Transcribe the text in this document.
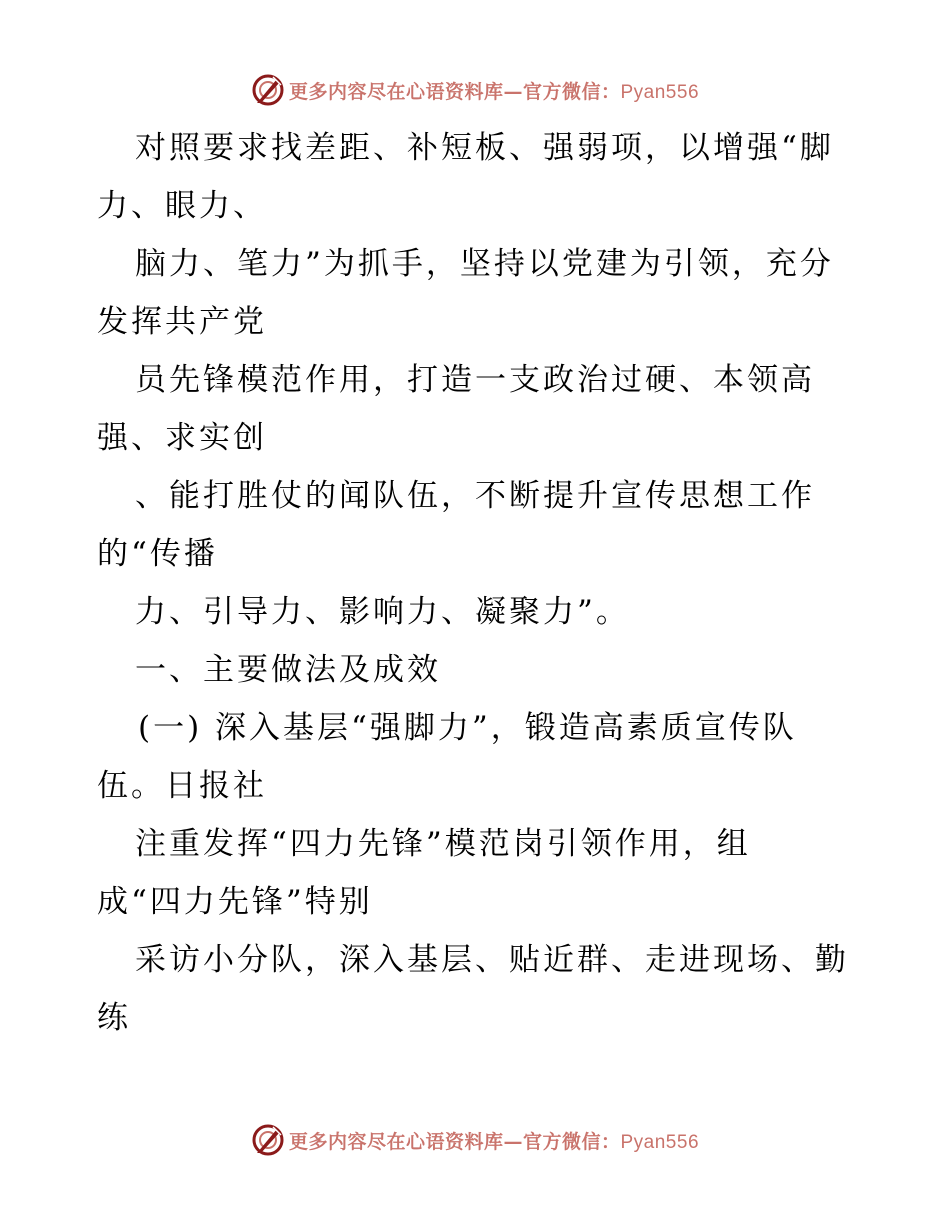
更多内容尽在心语资料库—官方微信：Pyan556
对照要求找差距、补短板、强弱项，以增强“脚
力、眼力、
脑力、笔力”为抓手，坚持以党建为引领，充分
发挥共产党
员先锋模范作用，打造一支政治过硬、本领高
强、求实创
、能打胜仗的闻队伍，不断提升宣传思想工作
的“传播
力、引导力、影响力、凝聚力”。
一、主要做法及成效
(一) 深入基层“强脚力”，锻造高素质宣传队
伍。日报社
注重发挥“四力先锋”模范岗引领作用，组
成“四力先锋”特别
采访小分队，深入基层、贴近群、走进现场、勤
练
更多内容尽在心语资料库—官方微信：Pyan556
